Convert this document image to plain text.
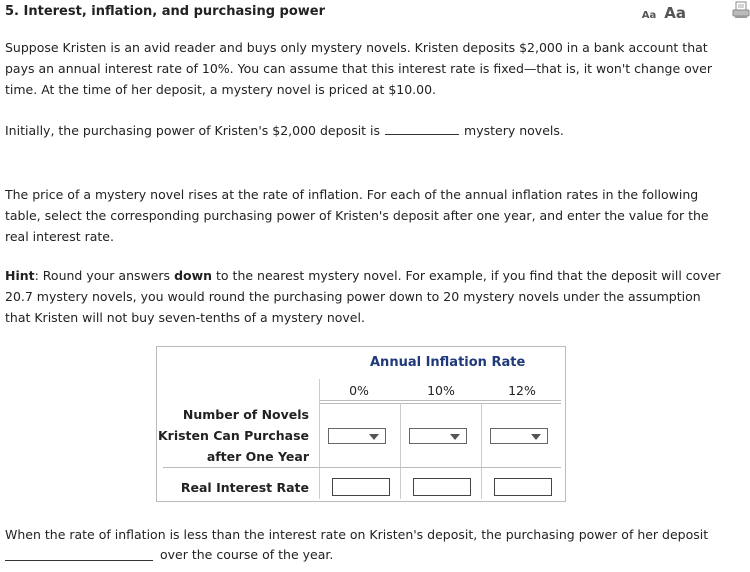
5. Interest, inflation, and purchasing power	Aa Aa
Suppose Kristen is an avid reader and buys only mystery novels. Kristen deposits $2,000 in a bank account that pays an annual interest rate of 10%. You can assume that this interest rate is fixed—that is, it won't change over time. At the time of her deposit, a mystery novel is priced at $10.00.
Initially, the purchasing power of Kristen's $2,000 deposit is	mystery novels.
The price of a mystery novel rises at the rate of inflation. For each of the annual inflation rates in the following table, select the corresponding purchasing power of Kristen's deposit after one year, and enter the value for the real interest rate.
Hint: Round your answers down to the nearest mystery novel. For example, if you find that the deposit will cover 20.7 mystery novels, you would round the purchasing power down to 20 mystery novels under the assumption that Kristen will not buy seven-tenths of a mystery novel.
Annual Inflation Rate
0%	10%	12%
Number of Novels
Kristen Can Purchase
after One Year
Real Interest Rate
When the rate of inflation is less than the interest rate on Kristen's deposit, the purchasing power of her deposit
over the course of the year.
